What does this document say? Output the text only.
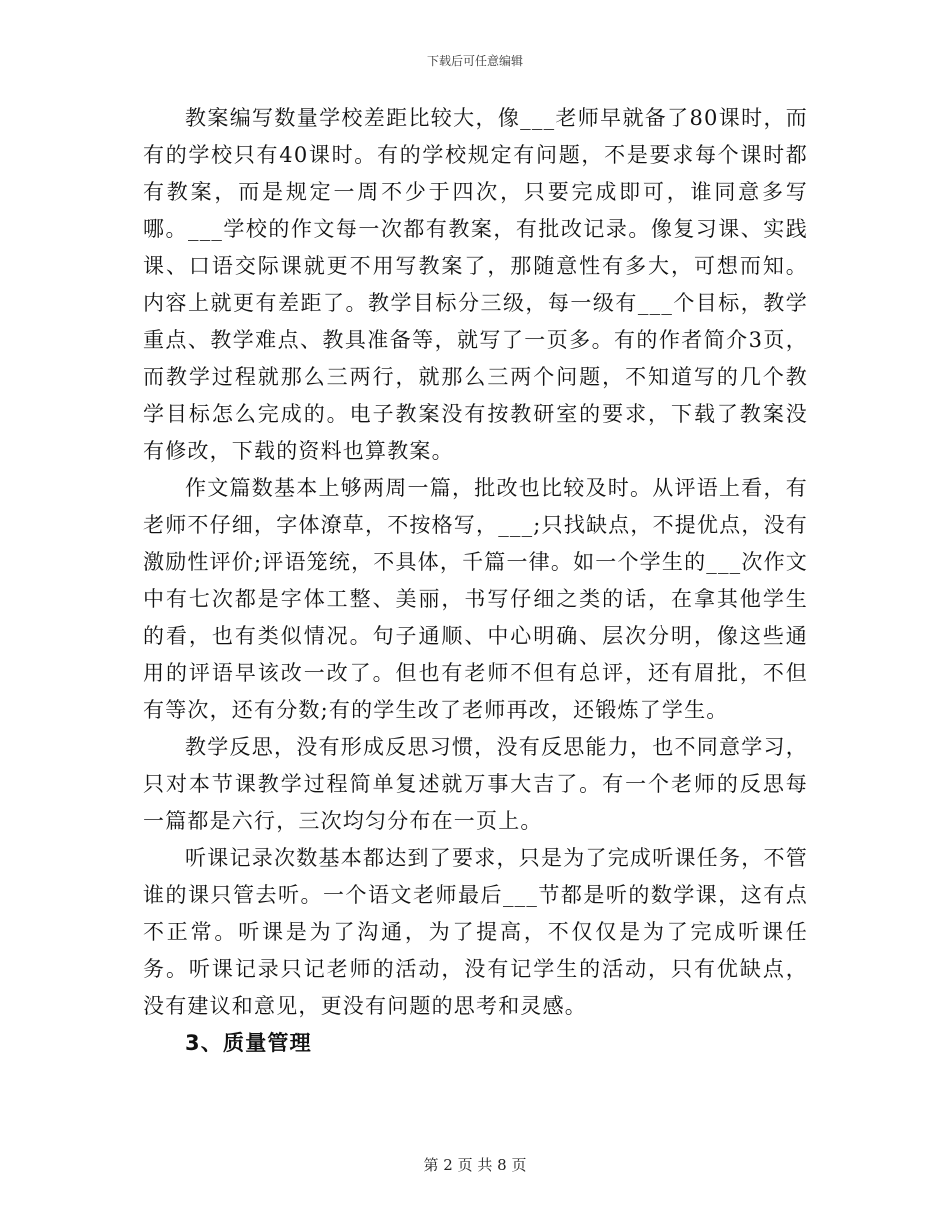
下载后可任意编辑

教案编写数量学校差距比较大，像___老师早就备了80课时，而有的学校只有40课时。有的学校规定有问题，不是要求每个课时都有教案，而是规定一周不少于四次，只要完成即可，谁同意多写哪。___学校的作文每一次都有教案，有批改记录。像复习课、实践课、口语交际课就更不用写教案了，那随意性有多大，可想而知。内容上就更有差距了。教学目标分三级，每一级有___个目标，教学重点、教学难点、教具准备等，就写了一页多。有的作者简介3页，而教学过程就那么三两行，就那么三两个问题，不知道写的几个教学目标怎么完成的。电子教案没有按教研室的要求，下载了教案没有修改，下载的资料也算教案。

作文篇数基本上够两周一篇，批改也比较及时。从评语上看，有老师不仔细，字体潦草，不按格写，___;只找缺点，不提优点，没有激励性评价;评语笼统，不具体，千篇一律。如一个学生的___次作文中有七次都是字体工整、美丽，书写仔细之类的话，在拿其他学生的看，也有类似情况。句子通顺、中心明确、层次分明，像这些通用的评语早该改一改了。但也有老师不但有总评，还有眉批，不但有等次，还有分数;有的学生改了老师再改，还锻炼了学生。

教学反思，没有形成反思习惯，没有反思能力，也不同意学习，只对本节课教学过程简单复述就万事大吉了。有一个老师的反思每一篇都是六行，三次均匀分布在一页上。

听课记录次数基本都达到了要求，只是为了完成听课任务，不管谁的课只管去听。一个语文老师最后___节都是听的数学课，这有点不正常。听课是为了沟通，为了提高，不仅仅是为了完成听课任务。听课记录只记老师的活动，没有记学生的活动，只有优缺点，没有建议和意见，更没有问题的思考和灵感。

3、质量管理

第 2 页 共 8 页
